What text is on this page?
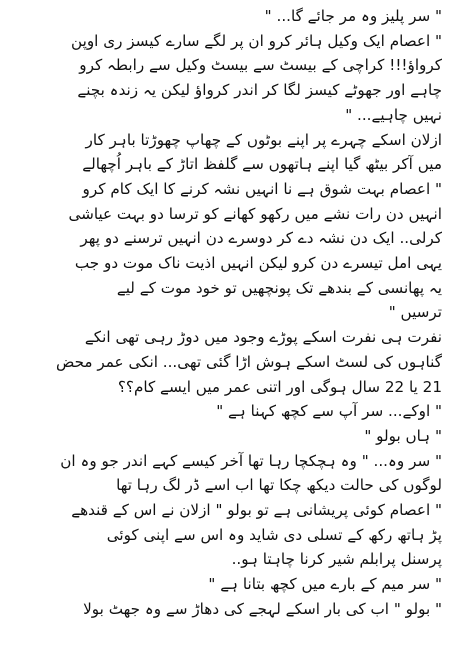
" سر پلیز وہ مر جائے گا... "
" اعصام ایک وکیل ہائر کرو ان پر لگے سارے کیسز ری اوپن
کرواؤ!!! کراچی کے بیسٹ سے بیسٹ وکیل سے رابطہ کرو
چاہے اور جھوٹے کیسز لگا کر اندر کرواؤ لیکن یہ زندہ بچنے
نہیں چاہیے... "
ازلان اسکے چہرے پر اپنے بوٹوں کے چھاپ چھوڑتا باہر کار
میں آکر بیٹھ گیا اپنے ہاتھوں سے گلفظ اتاڑ کے باہر اُچھالے
" اعصام بہت شوق ہے نا انہیں نشہ کرنے کا ایک کام کرو
انہیں دن رات نشے میں رکھو کھانے کو ترسا دو بہت عیاشی
کرلی.. ایک دن نشہ دے کر دوسرے دن انہیں ترسنے دو پھر
یہی امل تیسرے دن کرو لیکن انہیں اذیت ناک موت دو جب
یہ پھانسی کے بندھے تک پونچھیں تو خود موت کے لیے
ترسیں "
نفرت ہی نفرت اسکے پوڑے وجود میں دوڑ رہی تھی انکے
گناہوں کی لسٹ اسکے ہوش اڑا گئی تھی... انکی عمر محض
21 یا 22 سال ہوگی اور اتنی عمر میں ایسے کام؟؟
" اوکے... سر آپ سے کچھ کہنا ہے "
" ہاں بولو "
" سر وہ... " وہ ہچکچا رہا تھا آخر کیسے کہے اندر جو وہ ان
لوگوں کی حالت دیکھ چکا تھا اب اسے ڈر لگ رہا تھا
" اعصام کوئی پریشانی ہے تو بولو " ازلان نے اس کے قندھے
پڑ ہاتھ رکھ کے تسلی دی شاید وہ اس سے اپنی کوئی
پرسنل پرابلم شیر کرنا چاہتا ہو..
" سر میم کے بارے میں کچھ بتانا ہے "
" بولو " اب کی بار اسکے لہجے کی دھاڑ سے وہ جھٹ بولا
